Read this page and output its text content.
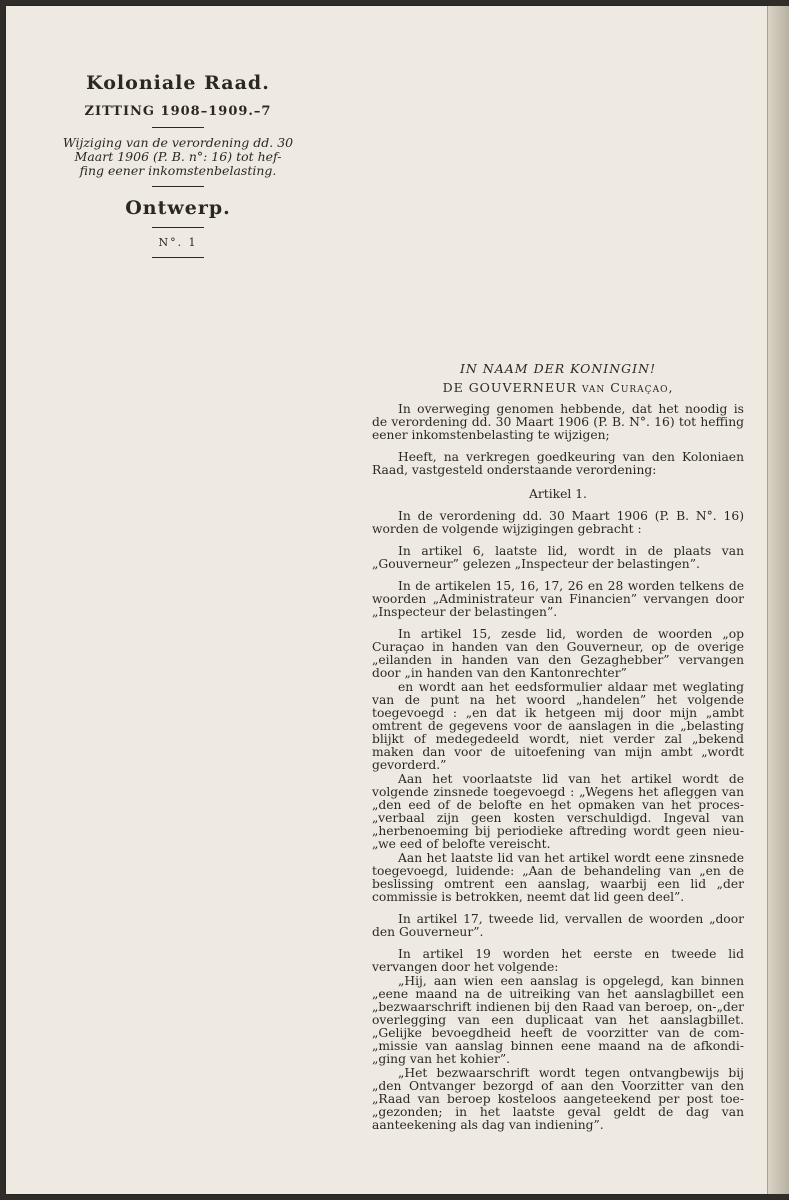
Koloniale Raad.

ZITTING 1908–1909.–7

Wijziging van de verordening dd. 30
Maart 1906 (P. B. n°: 16) tot hef-
fing eener inkomstenbelasting.

Ontwerp.

N°. 1

IN NAAM DER KONINGIN!

DE GOUVERNEUR van Curaçao,

In overweging genomen hebbende, dat het noodig is de verordening dd. 30 Maart 1906 (P. B. N°. 16) tot heffing eener inkomstenbelasting te wijzigen;

Heeft, na verkregen goedkeuring van den Koloniaen Raad, vastgesteld onderstaande verordening:

Artikel 1.

In de verordening dd. 30 Maart 1906 (P. B. N°. 16) worden de volgende wijzigingen gebracht :

In artikel 6, laatste lid, wordt in de plaats van „Gouverneur” gelezen „Inspecteur der belastingen”.

In de artikelen 15, 16, 17, 26 en 28 worden telkens de woorden „Administrateur van Financien” vervangen door „Inspecteur der belastingen”.

In artikel 15, zesde lid, worden de woorden „op Curaçao in handen van den Gouverneur, op de overige „eilanden in handen van den Gezaghebber” vervangen door „in handen van den Kantonrechter”

en wordt aan het eedsformulier aldaar met weglating van de punt na het woord „handelen” het volgende toegevoegd : „en dat ik hetgeen mij door mijn „ambt omtrent de gegevens voor de aanslagen in die „belasting blijkt of medegedeeld wordt, niet verder zal „bekend maken dan voor de uitoefening van mijn ambt „wordt gevorderd.”

Aan het voorlaatste lid van het artikel wordt de volgende zinsnede toegevoegd : „Wegens het afleggen van „den eed of de belofte en het opmaken van het proces-„verbaal zijn geen kosten verschuldigd. Ingeval van „herbenoeming bij periodieke aftreding wordt geen nieu-„we eed of belofte vereischt.

Aan het laatste lid van het artikel wordt eene zinsnede toegevoegd, luidende: „Aan de behandeling van „en de beslissing omtrent een aanslag, waarbij een lid „der commissie is betrokken, neemt dat lid geen deel”.

In artikel 17, tweede lid, vervallen de woorden „door den Gouverneur”.

In artikel 19 worden het eerste en tweede lid vervangen door het volgende:

„Hij, aan wien een aanslag is opgelegd, kan binnen „eene maand na de uitreiking van het aanslagbillet een „bezwaarschrift indienen bij den Raad van beroep, on-„der overlegging van een duplicaat van het aanslagbillet. „Gelijke bevoegdheid heeft de voorzitter van de com-„missie van aanslag binnen eene maand na de afkondi-„ging van het kohier”.

„Het bezwaarschrift wordt tegen ontvangbewijs bij „den Ontvanger bezorgd of aan den Voorzitter van den „Raad van beroep kosteloos aangeteekend per post toe-„gezonden; in het laatste geval geldt de dag van aanteekening als dag van indiening”.
